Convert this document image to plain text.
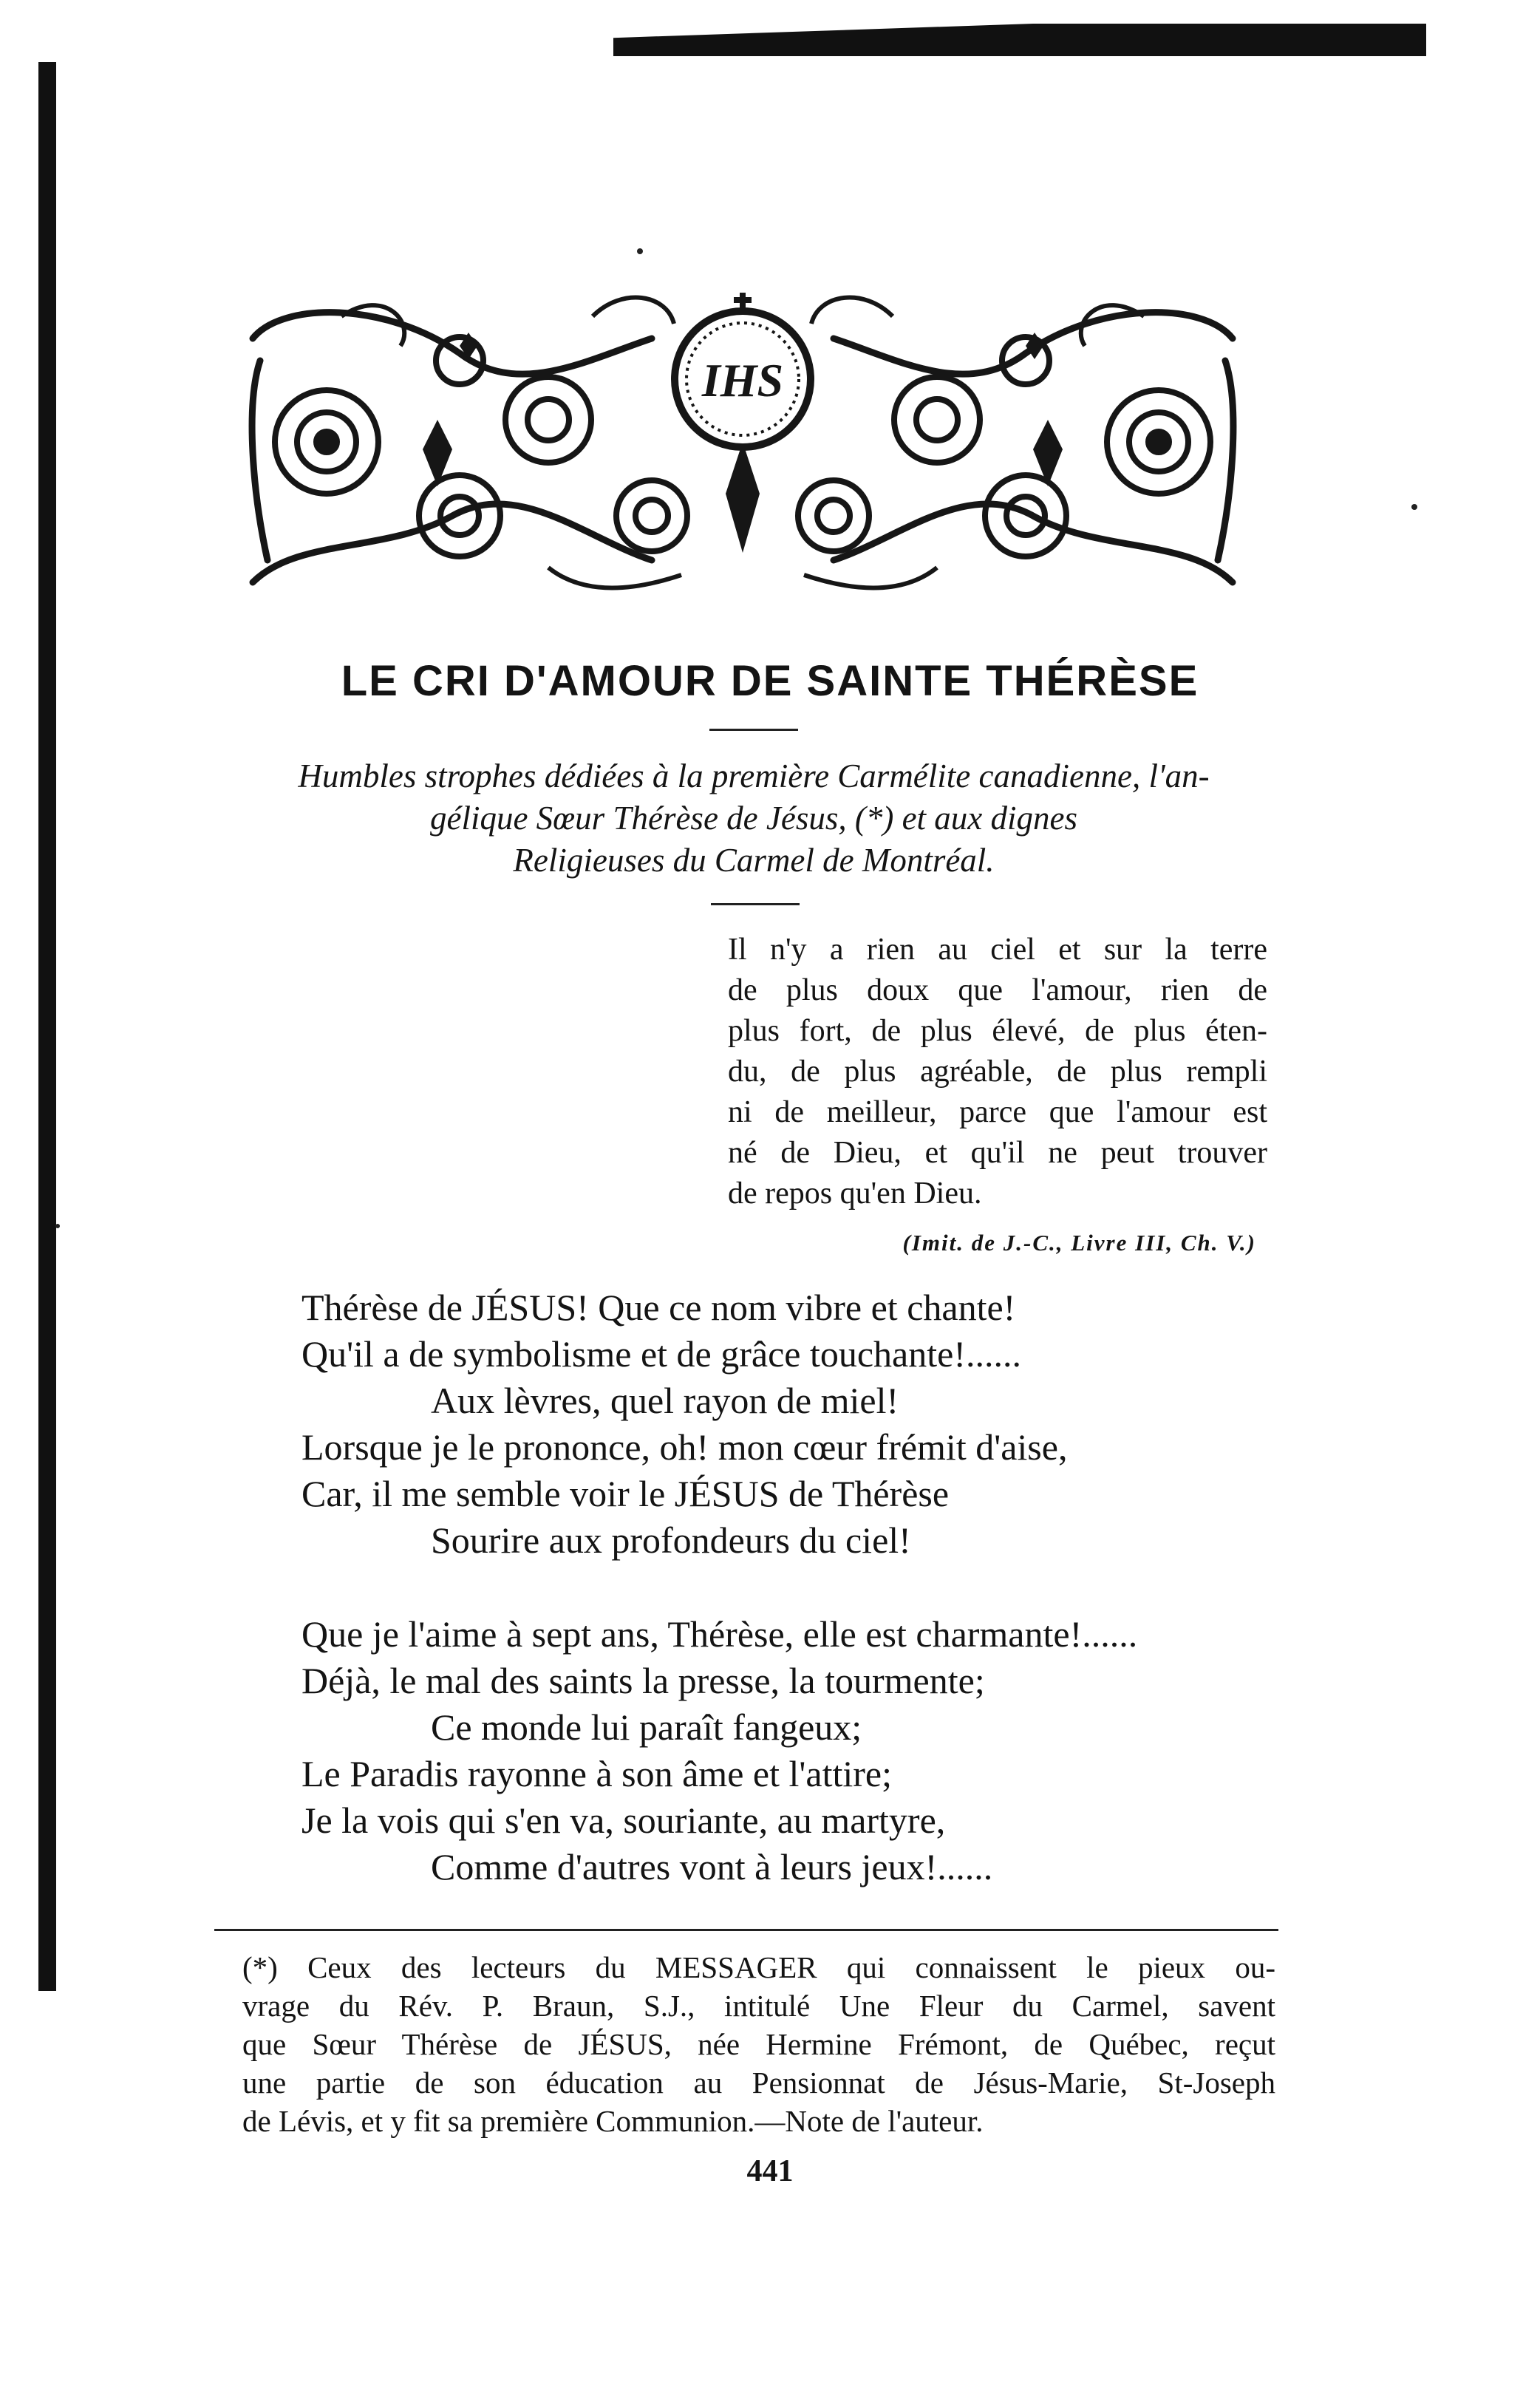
IHS
LE CRI D'AMOUR DE SAINTE THÉRÈSE
Humbles strophes dédiées à la première Carmélite canadienne, l'an-
gélique Sœur Thérèse de Jésus, (*) et aux dignes
Religieuses du Carmel de Montréal.
Il n'y a rien au ciel et sur la terre
de plus doux que l'amour, rien de
plus fort, de plus élevé, de plus éten-
du, de plus agréable, de plus rempli
ni de meilleur, parce que l'amour est
né de Dieu, et qu'il ne peut trouver
de repos qu'en Dieu.
(Imit. de J.-C., Livre III, Ch. V.)
Thérèse de JÉSUS! Que ce nom vibre et chante!
Qu'il a de symbolisme et de grâce touchante!......
Aux lèvres, quel rayon de miel!
Lorsque je le prononce, oh! mon cœur frémit d'aise,
Car, il me semble voir le JÉSUS de Thérèse
Sourire aux profondeurs du ciel!
Que je l'aime à sept ans, Thérèse, elle est charmante!......
Déjà, le mal des saints la presse, la tourmente;
Ce monde lui paraît fangeux;
Le Paradis rayonne à son âme et l'attire;
Je la vois qui s'en va, souriante, au martyre,
Comme d'autres vont à leurs jeux!......
(*) Ceux des lecteurs du MESSAGER qui connaissent le pieux ou-
vrage du Rév. P. Braun, S.J., intitulé Une Fleur du Carmel, savent
que Sœur Thérèse de JÉSUS, née Hermine Frémont, de Québec, reçut
une partie de son éducation au Pensionnat de Jésus-Marie, St-Joseph
de Lévis, et y fit sa première Communion.—Note de l'auteur.
441
